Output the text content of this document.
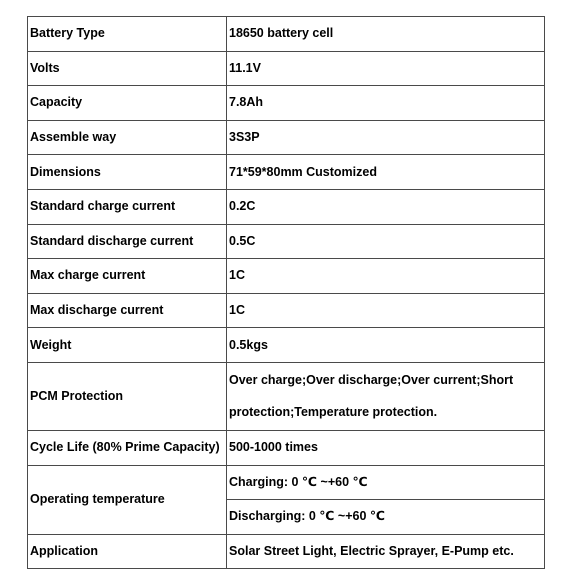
Battery Type	18650 battery cell
Volts	11.1V
Capacity	7.8Ah
Assemble way	3S3P
Dimensions	71*59*80mm Customized
Standard charge current	0.2C
Standard discharge current	0.5C
Max charge current	1C
Max discharge current	1C
Weight	0.5kgs
PCM Protection	Over charge;Over discharge;Over current;Short protection;Temperature protection.
Cycle Life (80% Prime Capacity)	500-1000 times
Operating temperature	Charging: 0 ℃ ~+60 ℃
	Discharging: 0 ℃ ~+60 ℃
Application	Solar Street Light, Electric Sprayer, E-Pump etc.
